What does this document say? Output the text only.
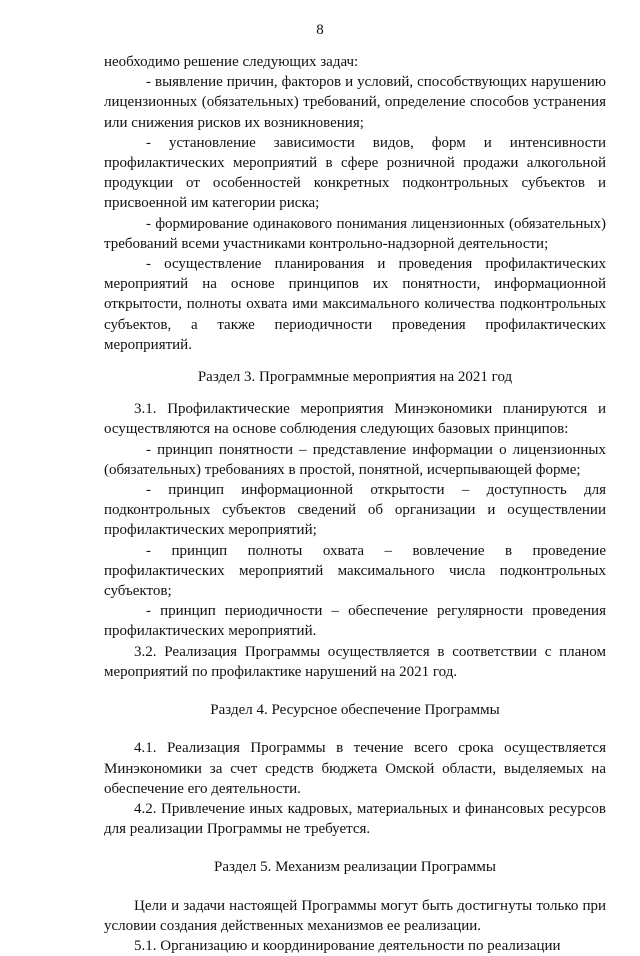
8

необходимо решение следующих задач:

- выявление причин, факторов и условий, способствующих нарушению лицензионных (обязательных) требований, определение способов устранения или снижения рисков их возникновения;

- установление зависимости видов, форм и интенсивности профилактических мероприятий в сфере розничной продажи алкогольной продукции от особенностей конкретных подконтрольных субъектов и присвоенной им категории риска;

- формирование одинакового понимания лицензионных (обязательных) требований всеми участниками контрольно-надзорной деятельности;

- осуществление планирования и проведения профилактических мероприятий на основе принципов их понятности, информационной открытости, полноты охвата ими максимального количества подконтрольных субъектов, а также периодичности проведения профилактических мероприятий.

Раздел 3. Программные мероприятия на 2021 год

3.1. Профилактические мероприятия Минэкономики планируются и осуществляются на основе соблюдения следующих базовых принципов:

- принцип понятности – представление информации о лицензионных (обязательных) требованиях в простой, понятной, исчерпывающей форме;

- принцип информационной открытости – доступность для подконтрольных субъектов сведений об организации и осуществлении профилактических мероприятий;

- принцип полноты охвата – вовлечение в проведение профилактических мероприятий максимального числа подконтрольных субъектов;

- принцип периодичности – обеспечение регулярности проведения профилактических мероприятий.

3.2. Реализация Программы осуществляется в соответствии с планом мероприятий по профилактике нарушений на 2021 год.

Раздел 4. Ресурсное обеспечение Программы

4.1. Реализация Программы в течение всего срока осуществляется Минэкономики за счет средств бюджета Омской области, выделяемых на обеспечение его деятельности.

4.2. Привлечение иных кадровых, материальных и финансовых ресурсов для реализации Программы не требуется.

Раздел 5. Механизм реализации Программы

Цели и задачи настоящей Программы могут быть достигнуты только при условии создания действенных механизмов ее реализации.

5.1. Организацию и координирование деятельности по реализации
